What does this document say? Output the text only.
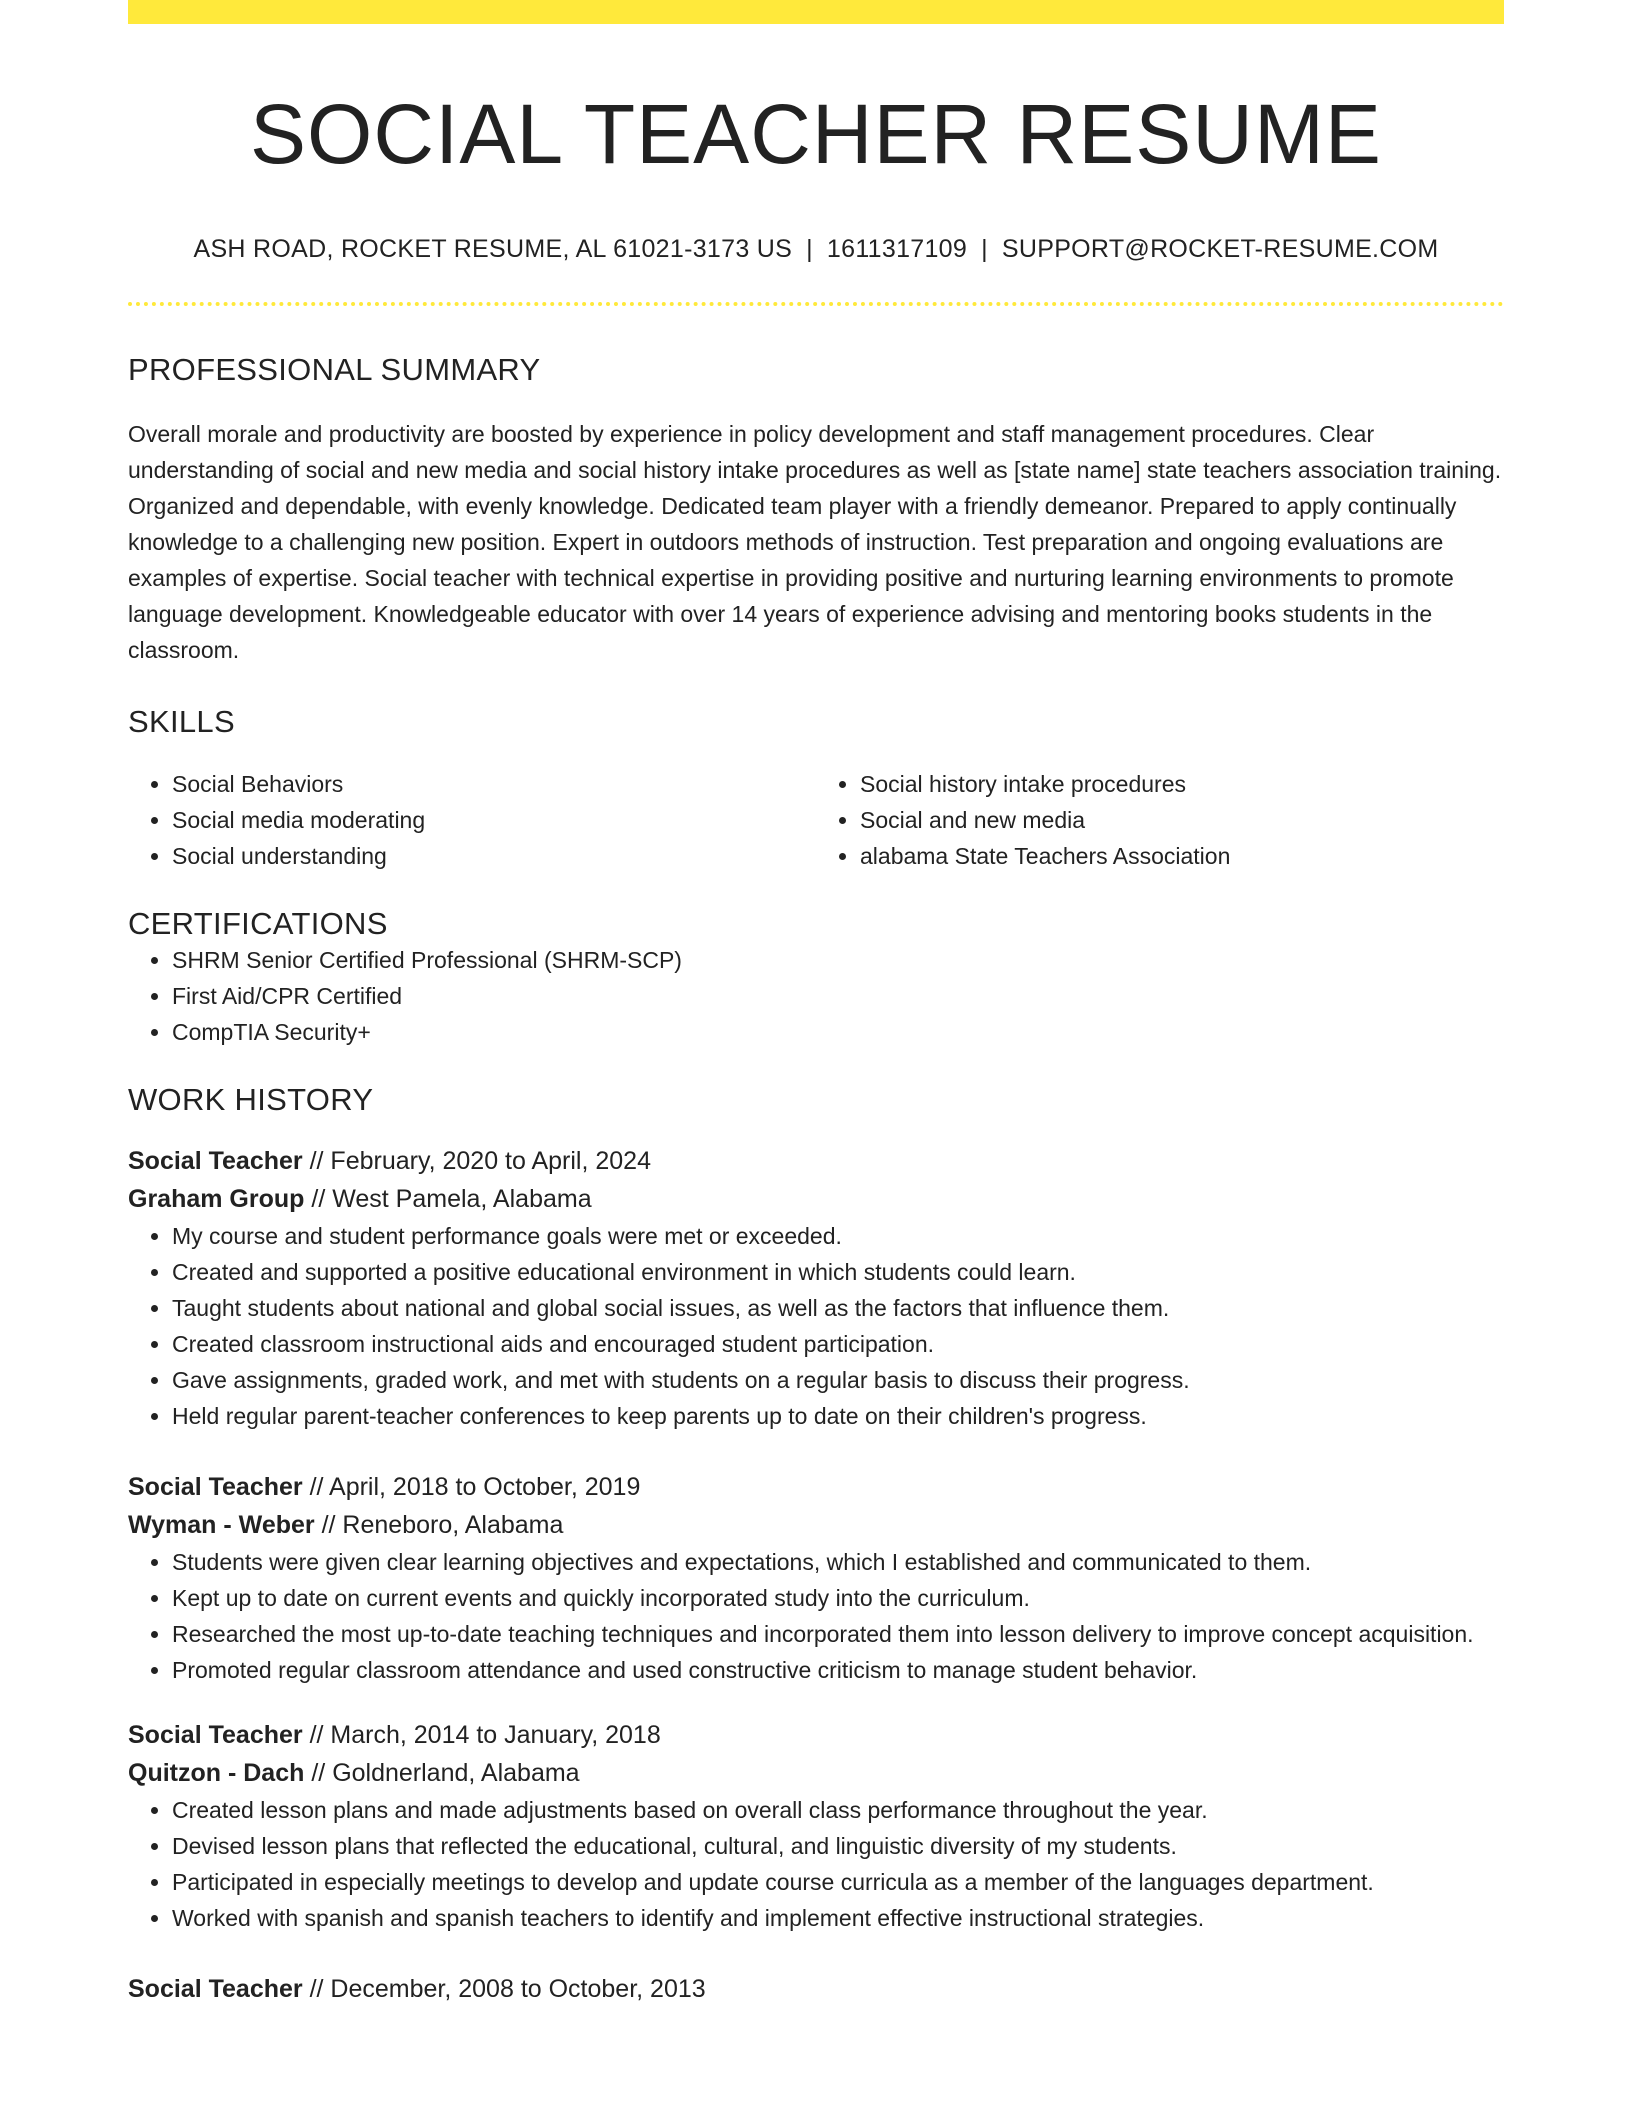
SOCIAL TEACHER RESUME
ASH ROAD, ROCKET RESUME, AL 61021-3173 US | 1611317109 | SUPPORT@ROCKET-RESUME.COM
PROFESSIONAL SUMMARY

Overall morale and productivity are boosted by experience in policy development and staff management procedures. Clear understanding of social and new media and social history intake procedures as well as [state name] state teachers association training. Organized and dependable, with evenly knowledge. Dedicated team player with a friendly demeanor. Prepared to apply continually knowledge to a challenging new position. Expert in outdoors methods of instruction. Test preparation and ongoing evaluations are examples of expertise. Social teacher with technical expertise in providing positive and nurturing learning environments to promote language development. Knowledgeable educator with over 14 years of experience advising and mentoring books students in the classroom.

SKILLS
• Social Behaviors
• Social media moderating
• Social understanding
• Social history intake procedures
• Social and new media
• alabama State Teachers Association
CERTIFICATIONS
• SHRM Senior Certified Professional (SHRM-SCP)
• First Aid/CPR Certified
• CompTIA Security+
WORK HISTORY
Social Teacher // February, 2020 to April, 2024
Graham Group // West Pamela, Alabama
• My course and student performance goals were met or exceeded.
• Created and supported a positive educational environment in which students could learn.
• Taught students about national and global social issues, as well as the factors that influence them.
• Created classroom instructional aids and encouraged student participation.
• Gave assignments, graded work, and met with students on a regular basis to discuss their progress.
• Held regular parent-teacher conferences to keep parents up to date on their children's progress.
Social Teacher // April, 2018 to October, 2019
Wyman - Weber // Reneboro, Alabama
• Students were given clear learning objectives and expectations, which I established and communicated to them.
• Kept up to date on current events and quickly incorporated study into the curriculum.
• Researched the most up-to-date teaching techniques and incorporated them into lesson delivery to improve concept acquisition.
• Promoted regular classroom attendance and used constructive criticism to manage student behavior.
Social Teacher // March, 2014 to January, 2018
Quitzon - Dach // Goldnerland, Alabama
• Created lesson plans and made adjustments based on overall class performance throughout the year.
• Devised lesson plans that reflected the educational, cultural, and linguistic diversity of my students.
• Participated in especially meetings to develop and update course curricula as a member of the languages department.
• Worked with spanish and spanish teachers to identify and implement effective instructional strategies.
Social Teacher // December, 2008 to October, 2013
